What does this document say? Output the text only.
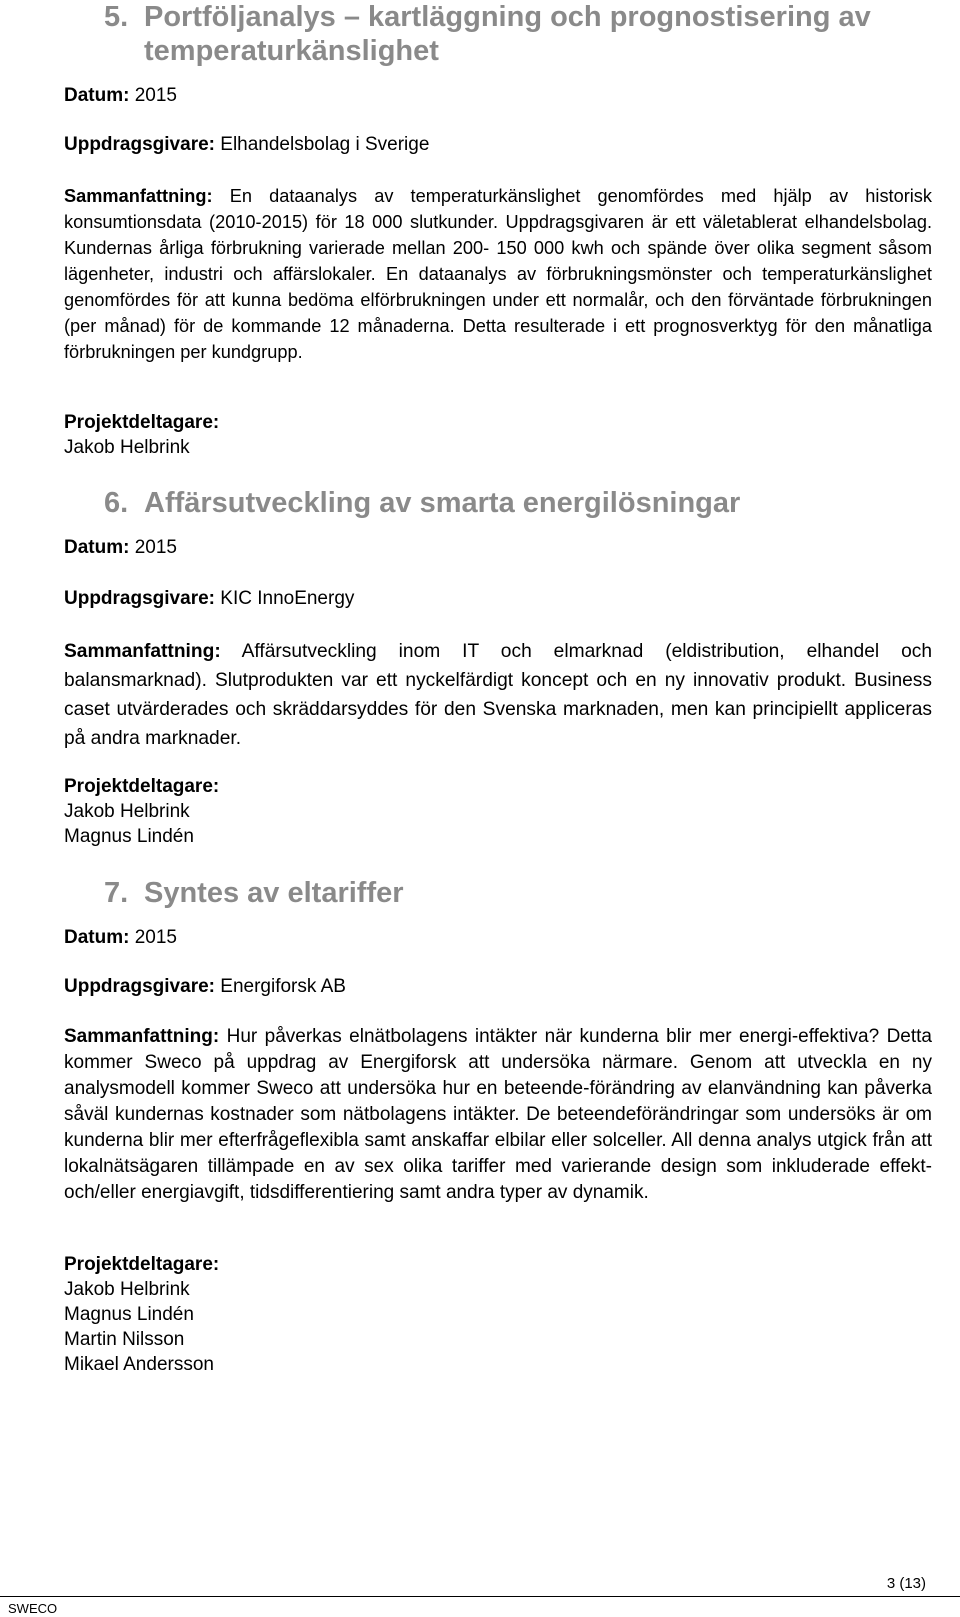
5. Portföljanalys – kartläggning och prognostisering av
temperaturkänslighet
Datum: 2015
Uppdragsgivare: Elhandelsbolag i Sverige
Sammanfattning: En dataanalys av temperaturkänslighet genomfördes med hjälp av historisk konsumtionsdata (2010-2015) för 18 000 slutkunder. Uppdragsgivaren är ett väletablerat elhandelsbolag. Kundernas årliga förbrukning varierade mellan 200- 150 000 kwh och spände över olika segment såsom lägenheter, industri och affärslokaler. En dataanalys av förbrukningsmönster och temperaturkänslighet genomfördes för att kunna bedöma elförbrukningen under ett normalår, och den förväntade förbrukningen (per månad) för de kommande 12 månaderna. Detta resulterade i ett prognosverktyg för den månatliga förbrukningen per kundgrupp.
Projektdeltagare:
Jakob Helbrink
6. Affärsutveckling av smarta energilösningar
Datum: 2015
Uppdragsgivare: KIC InnoEnergy
Sammanfattning: Affärsutveckling inom IT och elmarknad (eldistribution, elhandel och balansmarknad). Slutprodukten var ett nyckelfärdigt koncept och en ny innovativ produkt. Business caset utvärderades och skräddarsyddes för den Svenska marknaden, men kan principiellt appliceras på andra marknader.
Projektdeltagare:
Jakob Helbrink
Magnus Lindén
7. Syntes av eltariffer
Datum: 2015
Uppdragsgivare: Energiforsk AB
Sammanfattning: Hur påverkas elnätbolagens intäkter när kunderna blir mer energi-effektiva? Detta kommer Sweco på uppdrag av Energiforsk att undersöka närmare. Genom att utveckla en ny analysmodell kommer Sweco att undersöka hur en beteende-förändring av elanvändning kan påverka såväl kundernas kostnader som nätbolagens intäkter. De beteendeförändringar som undersöks är om kunderna blir mer efterfrågeflexibla samt anskaffar elbilar eller solceller. All denna analys utgick från att lokalnätsägaren tillämpade en av sex olika tariffer med varierande design som inkluderade effekt- och/eller energiavgift, tidsdifferentiering samt andra typer av dynamik.
Projektdeltagare:
Jakob Helbrink
Magnus Lindén
Martin Nilsson
Mikael Andersson
3 (13)
SWECO
